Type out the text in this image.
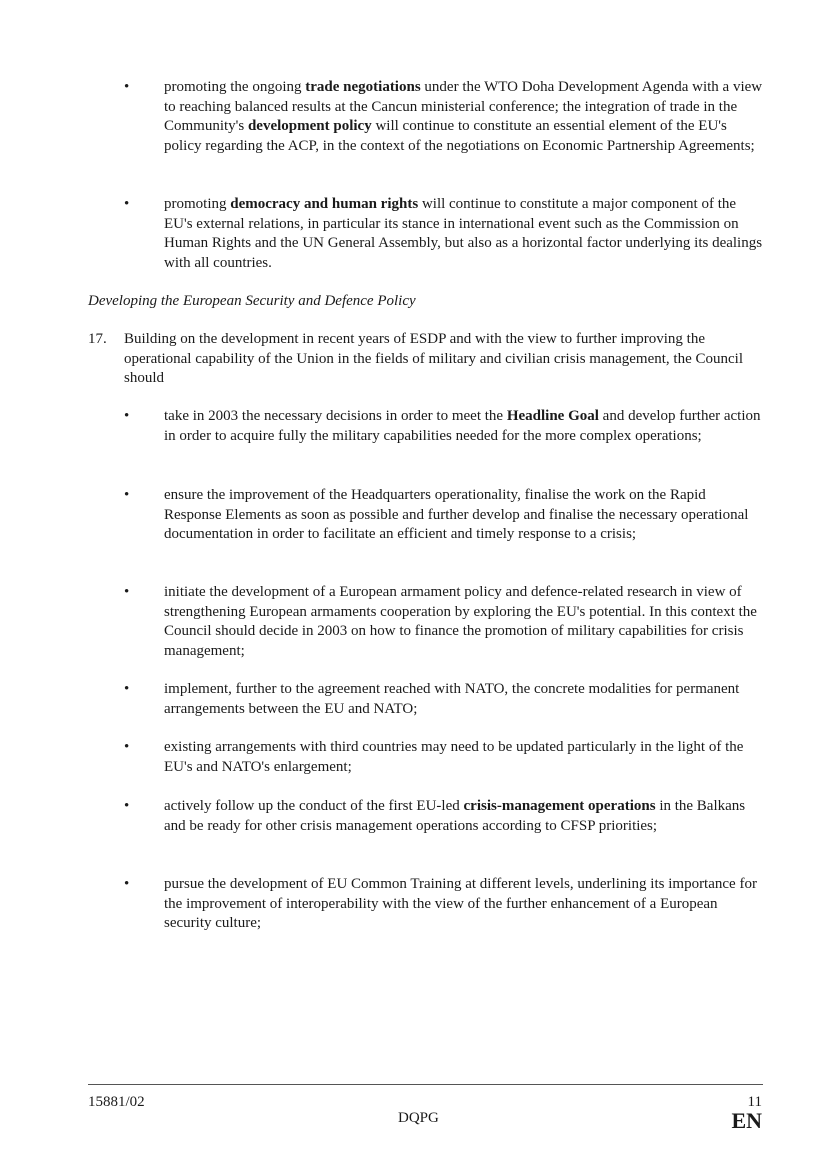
•	promoting the ongoing trade negotiations under the WTO Doha Development Agenda with a view to reaching balanced results at the Cancun ministerial conference; the integration of trade in the Community's development policy will continue to constitute an essential element of the EU's policy regarding the ACP, in the context of the negotiations on Economic Partnership Agreements;
•	promoting democracy and human rights will continue to constitute a major component of the EU's external relations, in particular its stance in international event such as the Commission on Human Rights and the UN General Assembly, but also as a horizontal factor underlying its dealings with all countries.
Developing the European Security and Defence Policy
17. Building on the development in recent years of ESDP and with the view to further improving the operational capability of the Union in the fields of military and civilian crisis management, the Council should
•	take in 2003 the necessary decisions in order to meet the Headline Goal and develop further action in order to acquire fully the military capabilities needed for the more complex operations;
•	ensure the improvement of the Headquarters operationality, finalise the work on the Rapid Response Elements as soon as possible and further develop and finalise the necessary operational documentation in order to facilitate an efficient and timely response to a crisis;
•	initiate the development of a European armament policy and defence-related research in view of strengthening European armaments cooperation by exploring the EU's potential. In this context the Council should decide in 2003 on how to finance the promotion of military capabilities for crisis management;
•	implement, further to the agreement reached with NATO, the concrete modalities for permanent arrangements between the EU and NATO;
•	existing arrangements with third countries may need to be updated particularly in the light of the EU's and NATO's enlargement;
•	actively follow up the conduct of the first EU-led crisis-management operations in the Balkans and be ready for other crisis management operations according to CFSP priorities;
•	pursue the development of EU Common Training at different levels, underlining its importance for the improvement of interoperability with the view of the further enhancement of a European security culture;
15881/02
DQPG
11
EN
